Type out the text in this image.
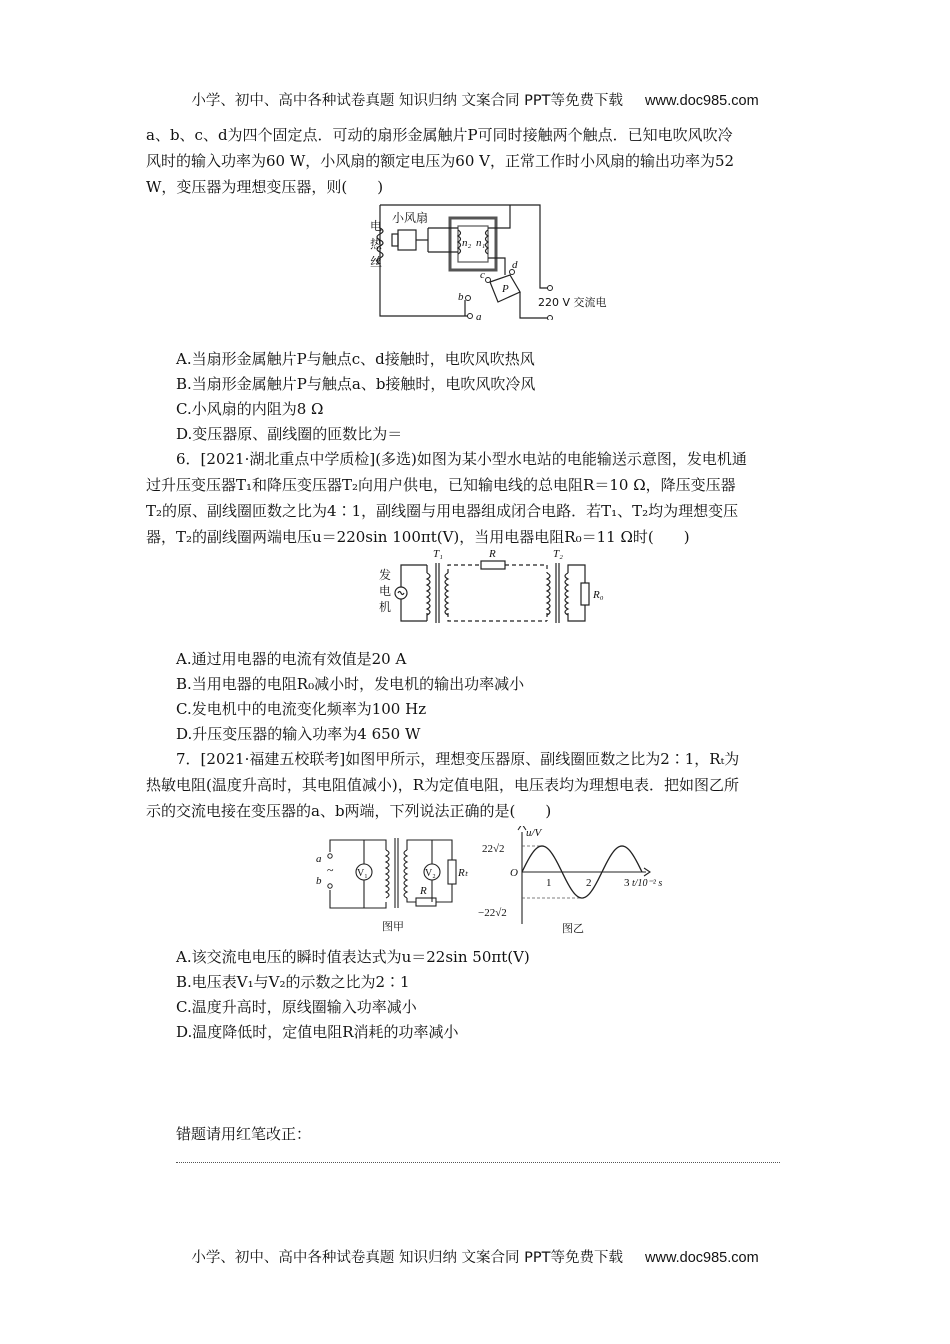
小学、初中、高中各种试卷真题 知识归纳 文案合同 PPT等免费下载 www.doc985.com
a、b、c、d为四个固定点．可动的扇形金属触片P可同时接触两个触点．已知电吹风吹冷
风时的输入功率为60 W，小风扇的额定电压为60 V，正常工作时小风扇的输出功率为52
W，变压器为理想变压器，则(　　)
电
热
丝
小风扇
220 V 交流电
n₂ n₁
a
b
c
d
P
A.当扇形金属触片P与触点c、d接触时，电吹风吹热风
B.当扇形金属触片P与触点a、b接触时，电吹风吹冷风
C.小风扇的内阻为8 Ω
D.变压器原、副线圈的匝数比为＝
6．[2021·湖北重点中学质检](多选)如图为某小型水电站的电能输送示意图，发电机通
过升压变压器T₁和降压变压器T₂向用户供电，已知输电线的总电阻R＝10 Ω，降压变压器
T₂的原、副线圈匝数之比为4∶1，副线圈与用电器组成闭合电路．若T₁、T₂均为理想变压
器，T₂的副线圈两端电压u＝220sin 100πt(V)，当用电器电阻R₀＝11 Ω时(　　)
发
电
机
T₁	R	T₂
R₀
A.通过用电器的电流有效值是20 A
B.当用电器的电阻R₀减小时，发电机的输出功率减小
C.发电机中的电流变化频率为100 Hz
D.升压变压器的输入功率为4 650 W
7．[2021·福建五校联考]如图甲所示，理想变压器原、副线圈匝数之比为2∶1，Rₜ为
热敏电阻(温度升高时，其电阻值减小)，R为定值电阻，电压表均为理想电表．把如图乙所
示的交流电接在变压器的a、b两端，下列说法正确的是(　　)
~
a
b
V₁	V₂ Rₜ
R
图甲
u/V
22√2
−22√2
O
1	2	3 t/10⁻² s
图乙
A.该交流电电压的瞬时值表达式为u＝22sin 50πt(V)
B.电压表V₁与V₂的示数之比为2∶1
C.温度升高时，原线圈输入功率减小
D.温度降低时，定值电阻R消耗的功率减小
错题请用红笔改正：
小学、初中、高中各种试卷真题 知识归纳 文案合同 PPT等免费下载 www.doc985.com
